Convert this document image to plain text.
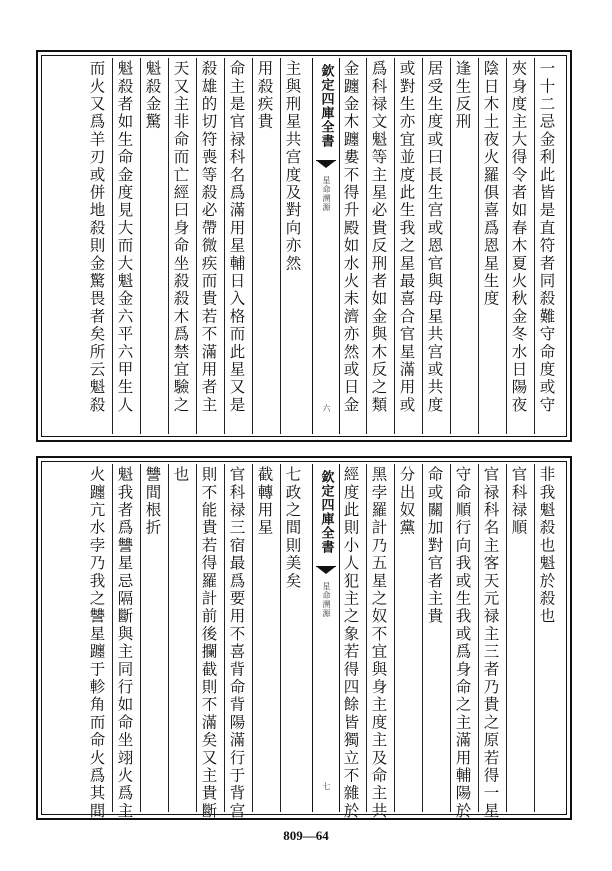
一十二忌金利此皆是直符者同殺難守命度或守
夾身度主大得令者如春木夏火秋金冬水日陽夜
陰日木土夜火羅俱喜爲恩星生度
逢生反刑
居受生度或曰長生宫或恩官與母星共宫或共度
或對生亦宜並度此生我之星最喜合官星滿用或
爲科禄文魁等主星必貴反刑者如金與木反之類
金躔金木躔婁不得升殿如水火未濟亦然或日金
欽定四庫全書
星命溯源
六
主與刑星共宫度及對向亦然
用殺疾貴
命主是官禄科名爲滿用星輔日入格而此星又是
殺雄的切符喪等殺必帶微疾而貴若不滿用者主
天又主非命而亡經曰身命坐殺殺木爲禁宜驗之
魁殺金驚
魁殺者如生命金度見大而大魁金六平六甲生人
而火又爲羊刃或併地殺則金驚畏者矣所云魁殺
非我魁殺也魁於殺也
官科禄順
官禄科名主客天元禄主三者乃貴之原若得一星
守命順行向我或生我或爲身命之主滿用輔陽於
命或關加對官者主貴
分出奴黨
黑孛羅計乃五星之奴不宜與身主度主及命主共
經度此則小人犯主之象若得四餘皆獨立不雜於
欽定四庫全書
星命溯源
七
七政之間則美矣
截轉用星
官科禄三宿最爲要用不喜背命背陽滿行于背宫
則不能貴若得羅計前後攔截則不滿矣又主貴斷
也
讐間根折
魁我者爲讐星忌隔斷與主同行如命坐翊火爲主
火躔亢水孛乃我之讐星躔于軫角而命火爲其間
809—64
